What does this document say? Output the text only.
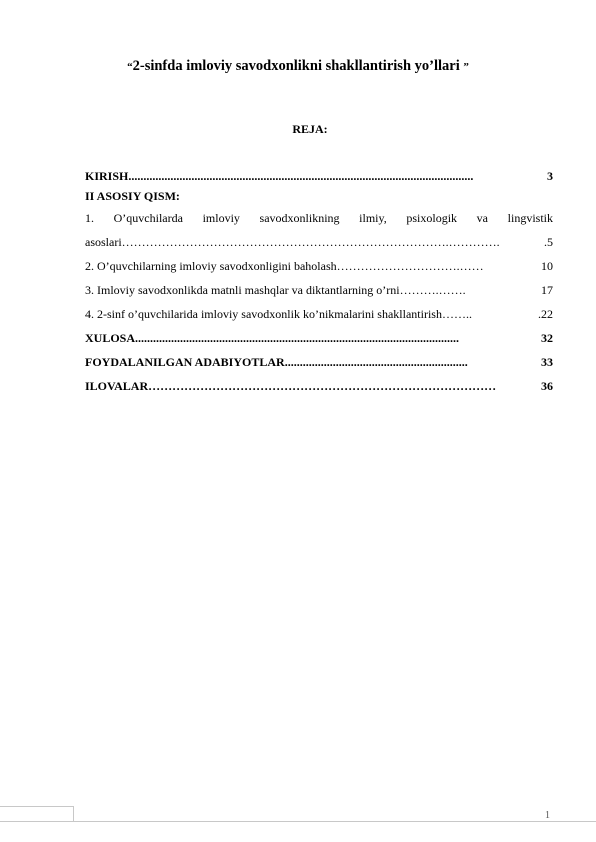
“2-sinfda imloviy savodxonlikni shakllantirish yo’llari ”
REJA:
KIRISH ...................................................................................................................	3
II ASOSIY QISM:
1. O’quvchilarda imloviy savodxonlikning ilmiy, psixologik va lingvistik
asoslari ……………………………………………………………………….………….	.5
2. O’quvchilarning imloviy savodxonligini baholash ………………………….……	10
3. Imloviy savodxonlikda matnli mashqlar va diktantlarning o’rni ……….…….	17
4. 2-sinf o’quvchilarida imloviy savodxonlik ko’nikmalarini shakllantirish ……..	.22
XULOSA ............................................................................................................	32
FOYDALANILGAN ADABIYOTLAR .............................................................	33
ILOVALAR ……………………………………………………………………………	36
1
